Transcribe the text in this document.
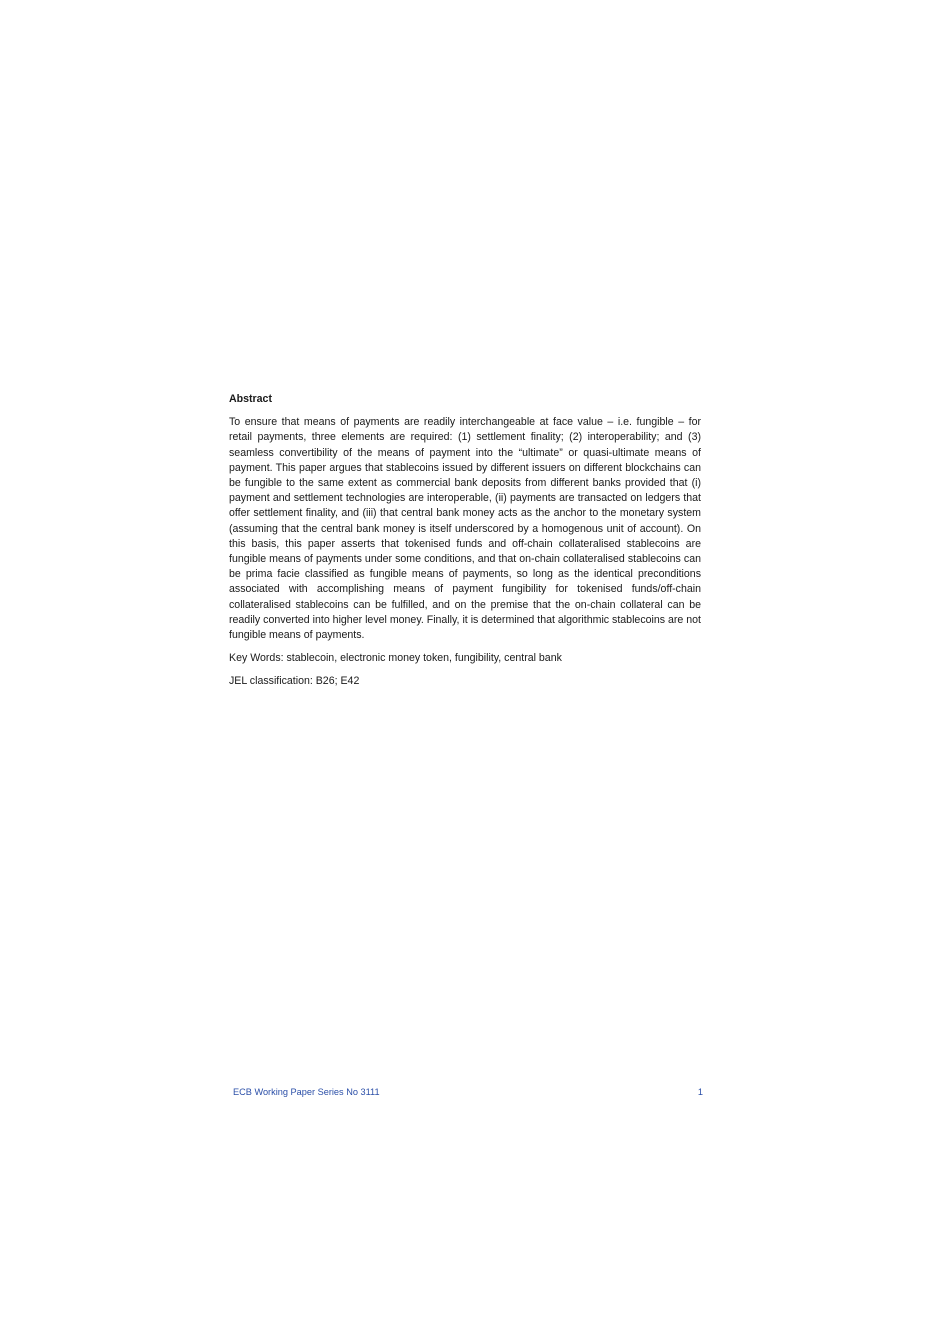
Abstract

To ensure that means of payments are readily interchangeable at face value – i.e. fungible – for retail payments, three elements are required: (1) settlement finality; (2) interoperability; and (3) seamless convertibility of the means of payment into the “ultimate” or quasi-ultimate means of payment. This paper argues that stablecoins issued by different issuers on different blockchains can be fungible to the same extent as commercial bank deposits from different banks provided that (i) payment and settlement technologies are interoperable, (ii) payments are transacted on ledgers that offer settlement finality, and (iii) that central bank money acts as the anchor to the monetary system (assuming that the central bank money is itself underscored by a homogenous unit of account). On this basis, this paper asserts that tokenised funds and off-chain collateralised stablecoins are fungible means of payments under some conditions, and that on-chain collateralised stablecoins can be prima facie classified as fungible means of payments, so long as the identical preconditions associated with accomplishing means of payment fungibility for tokenised funds/off-chain collateralised stablecoins can be fulfilled, and on the premise that the on-chain collateral can be readily converted into higher level money. Finally, it is determined that algorithmic stablecoins are not fungible means of payments.

Key Words: stablecoin, electronic money token, fungibility, central bank

JEL classification: B26; E42

ECB Working Paper Series No 3111	1
